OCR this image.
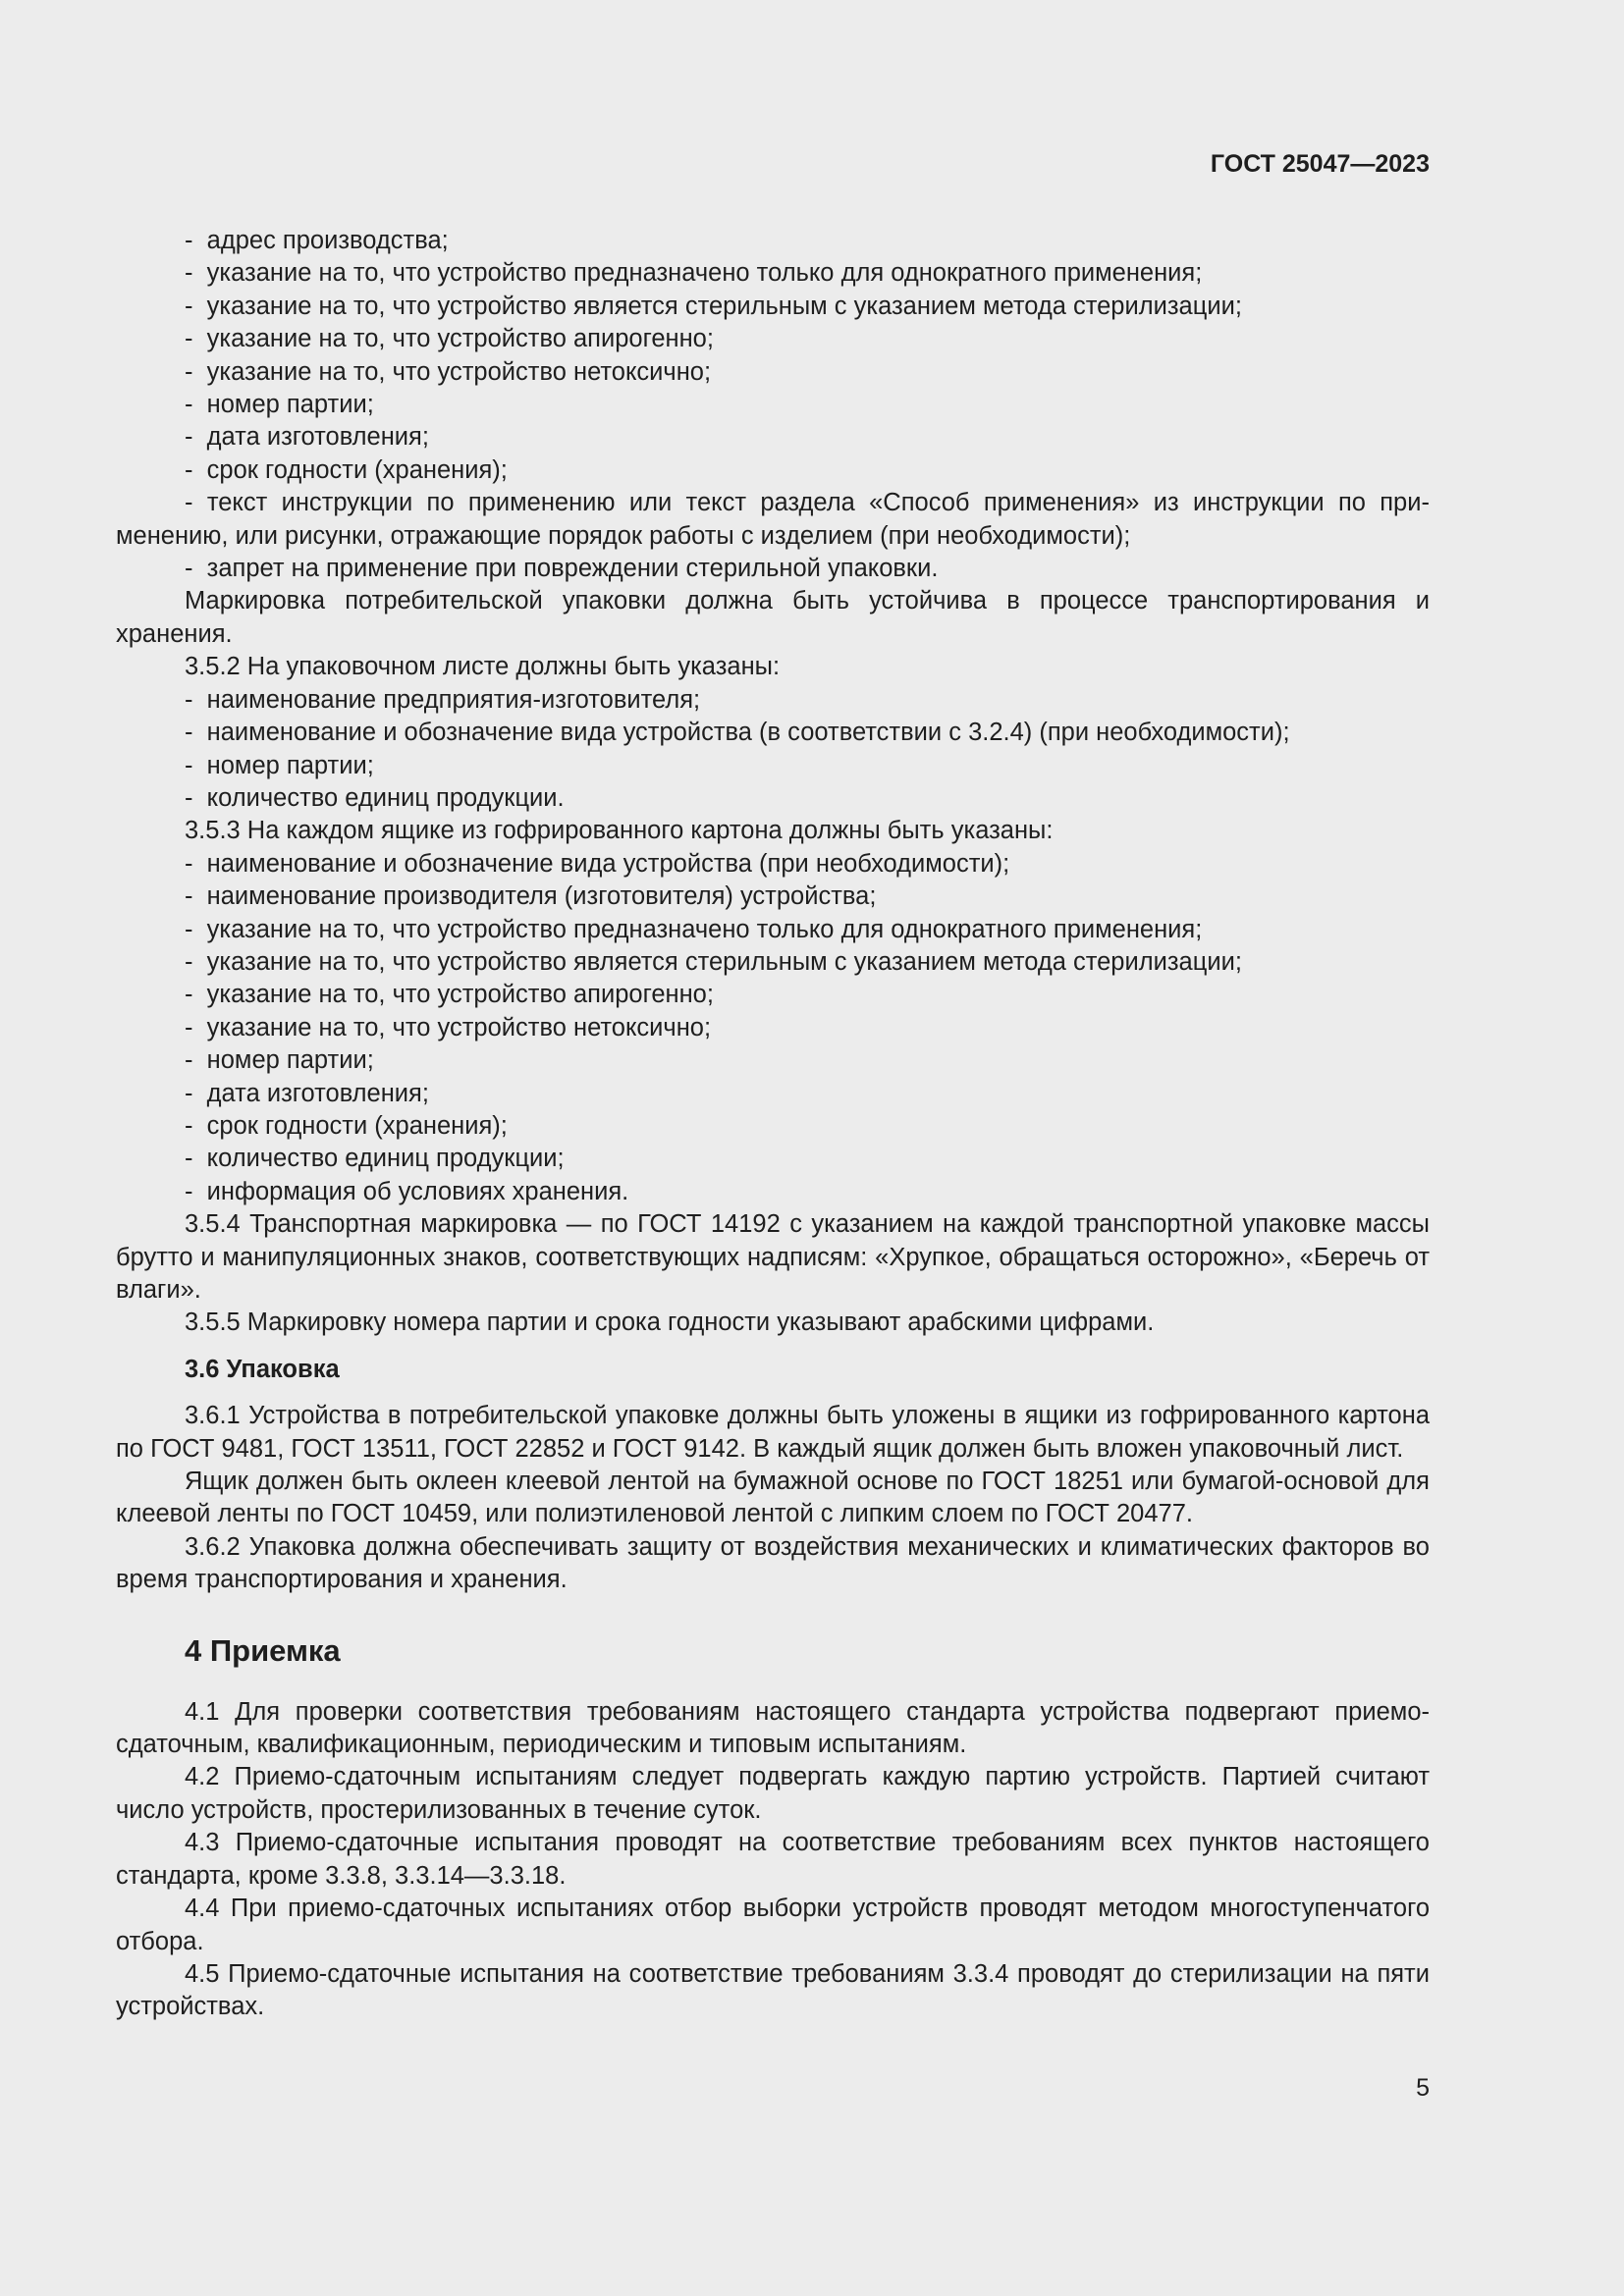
ГОСТ 25047—2023
-  адрес производства;
-  указание на то, что устройство предназначено только для однократного применения;
-  указание на то, что устройство является стерильным с указанием метода стерилизации;
-  указание на то, что устройство апирогенно;
-  указание на то, что устройство нетоксично;
-  номер партии;
-  дата изготовления;
-  срок годности (хранения);
- текст инструкции по применению или текст раздела «Способ применения» из инструкции по применению, или рисунки, отражающие порядок работы с изделием (при необходимости);
-  запрет на применение при повреждении стерильной упаковки.
Маркировка потребительской упаковки должна быть устойчива в процессе транспортирования и хранения.
3.5.2 На упаковочном листе должны быть указаны:
-  наименование предприятия-изготовителя;
-  наименование и обозначение вида устройства (в соответствии с 3.2.4) (при необходимости);
-  номер партии;
-  количество единиц продукции.
3.5.3 На каждом ящике из гофрированного картона должны быть указаны:
-  наименование и обозначение вида устройства (при необходимости);
-  наименование производителя (изготовителя) устройства;
-  указание на то, что устройство предназначено только для однократного применения;
-  указание на то, что устройство является стерильным с указанием метода стерилизации;
-  указание на то, что устройство апирогенно;
-  указание на то, что устройство нетоксично;
-  номер партии;
-  дата изготовления;
-  срок годности (хранения);
-  количество единиц продукции;
-  информация об условиях хранения.
3.5.4 Транспортная маркировка — по ГОСТ 14192 с указанием на каждой транспортной упаковке массы брутто и манипуляционных знаков, соответствующих надписям: «Хрупкое, обращаться осторожно», «Беречь от влаги».
3.5.5 Маркировку номера партии и срока годности указывают арабскими цифрами.
3.6 Упаковка
3.6.1 Устройства в потребительской упаковке должны быть уложены в ящики из гофрированного картона по ГОСТ 9481, ГОСТ 13511, ГОСТ 22852 и ГОСТ 9142. В каждый ящик должен быть вложен упаковочный лист.
Ящик должен быть оклеен клеевой лентой на бумажной основе по ГОСТ 18251 или бумагой-основой для клеевой ленты по ГОСТ 10459, или полиэтиленовой лентой с липким слоем по ГОСТ 20477.
3.6.2 Упаковка должна обеспечивать защиту от воздействия механических и климатических факторов во время транспортирования и хранения.
4 Приемка
4.1 Для проверки соответствия требованиям настоящего стандарта устройства подвергают приемо-сдаточным, квалификационным, периодическим и типовым испытаниям.
4.2 Приемо-сдаточным испытаниям следует подвергать каждую партию устройств. Партией считают число устройств, простерилизованных в течение суток.
4.3 Приемо-сдаточные испытания проводят на соответствие требованиям всех пунктов настоящего стандарта, кроме 3.3.8, 3.3.14—3.3.18.
4.4 При приемо-сдаточных испытаниях отбор выборки устройств проводят методом многоступенчатого отбора.
4.5 Приемо-сдаточные испытания на соответствие требованиям 3.3.4 проводят до стерилизации на пяти устройствах.
5
